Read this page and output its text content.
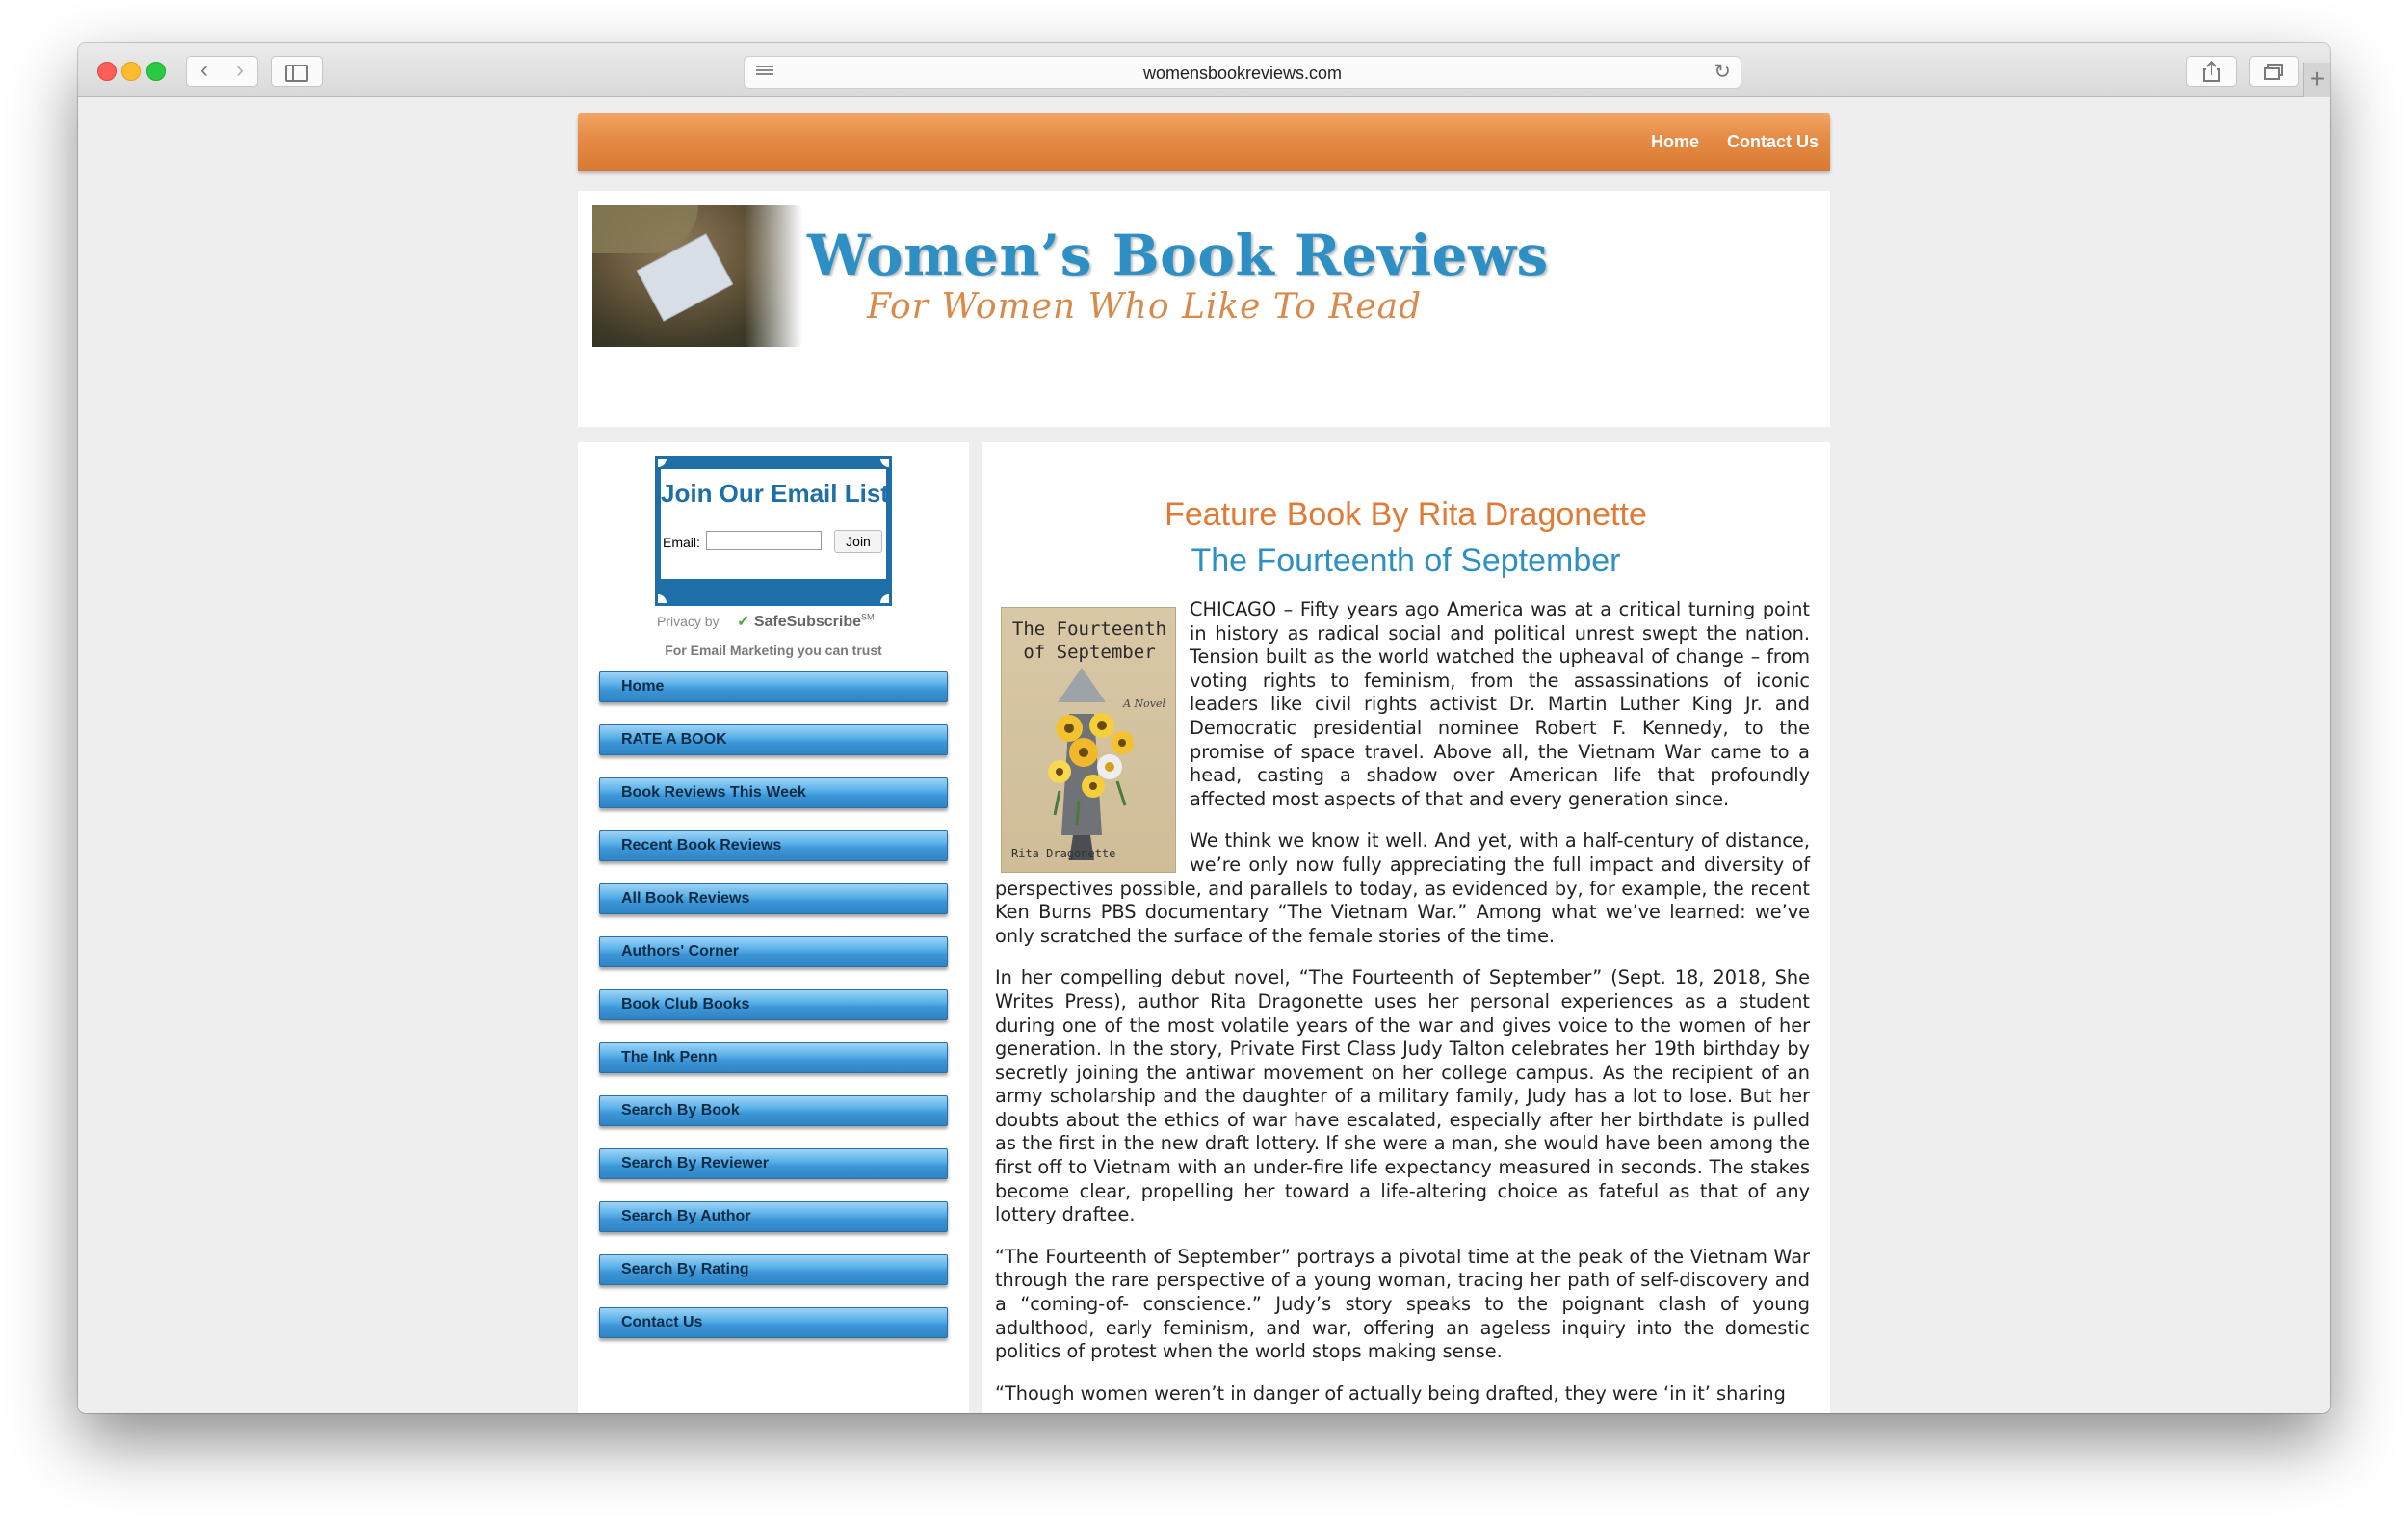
‹	›	womensbookreviews.com	↻	+
Home Contact Us
Women’s Book Reviews
For Women Who Like To Read
Join Our Email List
Email:	Join
Privacy by ✓ SafeSubscribe℠
For Email Marketing you can trust
Home
RATE A BOOK
Book Reviews This Week
Recent Book Reviews
All Book Reviews
Authors' Corner
Book Club Books
The Ink Penn
Search By Book
Search By Reviewer
Search By Author
Search By Rating
Contact Us
Feature Book By Rita Dragonette
The Fourteenth of September
The Fourteenth of September
A Novel
Rita Dragonette

CHICAGO – Fifty years ago America was at a critical turning point in history as radical social and political unrest swept the nation. Tension built as the world watched the upheaval of change – from voting rights to feminism, from the assassinations of iconic leaders like civil rights activist Dr. Martin Luther King Jr. and Democratic presidential nominee Robert F. Kennedy, to the promise of space travel. Above all, the Vietnam War came to a head, casting a shadow over American life that profoundly affected most aspects of that and every generation since.

We think we know it well. And yet, with a half-century of distance, we’re only now fully appreciating the full impact and diversity of perspectives possible, and parallels to today, as evidenced by, for example, the recent Ken Burns PBS documentary “The Vietnam War.” Among what we’ve learned: we’ve only scratched the surface of the female stories of the time.

In her compelling debut novel, “The Fourteenth of September” (Sept. 18, 2018, She Writes Press), author Rita Dragonette uses her personal experiences as a student during one of the most volatile years of the war and gives voice to the women of her generation. In the story, Private First Class Judy Talton celebrates her 19th birthday by secretly joining the antiwar movement on her college campus. As the recipient of an army scholarship and the daughter of a military family, Judy has a lot to lose. But her doubts about the ethics of war have escalated, especially after her birthdate is pulled as the first in the new draft lottery. If she were a man, she would have been among the first off to Vietnam with an under-fire life expectancy measured in seconds. The stakes become clear, propelling her toward a life-altering choice as fateful as that of any lottery draftee.

“The Fourteenth of September” portrays a pivotal time at the peak of the Vietnam War through the rare perspective of a young woman, tracing her path of self-discovery and a “coming-of- conscience.” Judy’s story speaks to the poignant clash of young adulthood, early feminism, and war, offering an ageless inquiry into the domestic politics of protest when the world stops making sense.

“Though women weren’t in danger of actually being drafted, they were ‘in it’ sharing
